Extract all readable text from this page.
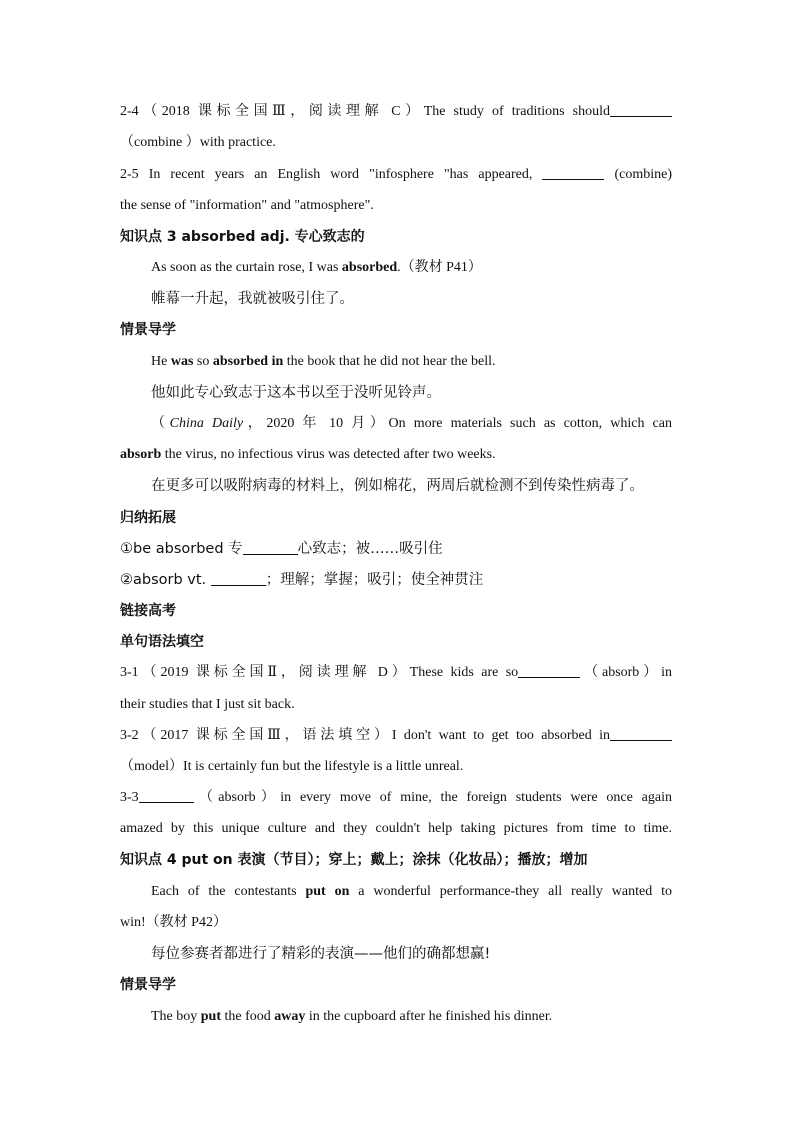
2-4（2018 课标全国Ⅲ，阅读理解 C）The study of traditions should
（combine ）with practice.
2-5 In recent years an English word "infosphere "has appeared,	(combine)
the sense of "information" and "atmosphere".
知识点 3 absorbed adj. 专心致志的
As soon as the curtain rose, I was absorbed.（教材 P41）
帷幕一升起，我就被吸引住了。
情景导学
He was so absorbed in the book that he did not hear the bell.
他如此专心致志于这本书以至于没听见铃声。
（China Daily，2020 年 10 月）On more materials such as cotton, which can
absorb the virus, no infectious virus was detected after two weeks.
在更多可以吸附病毒的材料上，例如棉花，两周后就检测不到传染性病毒了。
归纳拓展
①be absorbed 专	心致志；被……吸引住
②absorb vt.	；理解；掌握；吸引；使全神贯注
链接高考
单句语法填空
3-1（2019 课标全国Ⅱ，阅读理解 D）These kids are so	（absorb）in
their studies that I just sit back.
3-2（2017 课标全国Ⅲ，语法填空）I don't want to get too absorbed in
（model）It is certainly fun but the lifestyle is a little unreal.
3-3	（absorb）in every move of mine, the foreign students were once again
amazed by this unique culture and they couldn't help taking pictures from time to time.
知识点 4 put on 表演（节目）；穿上；戴上；涂抹（化妆品）；播放；增加
Each of the contestants put on a wonderful performance-they all really wanted to
win!（教材 P42）
每位参赛者都进行了精彩的表演——他们的确都想赢!
情景导学
The boy put the food away in the cupboard after he finished his dinner.
